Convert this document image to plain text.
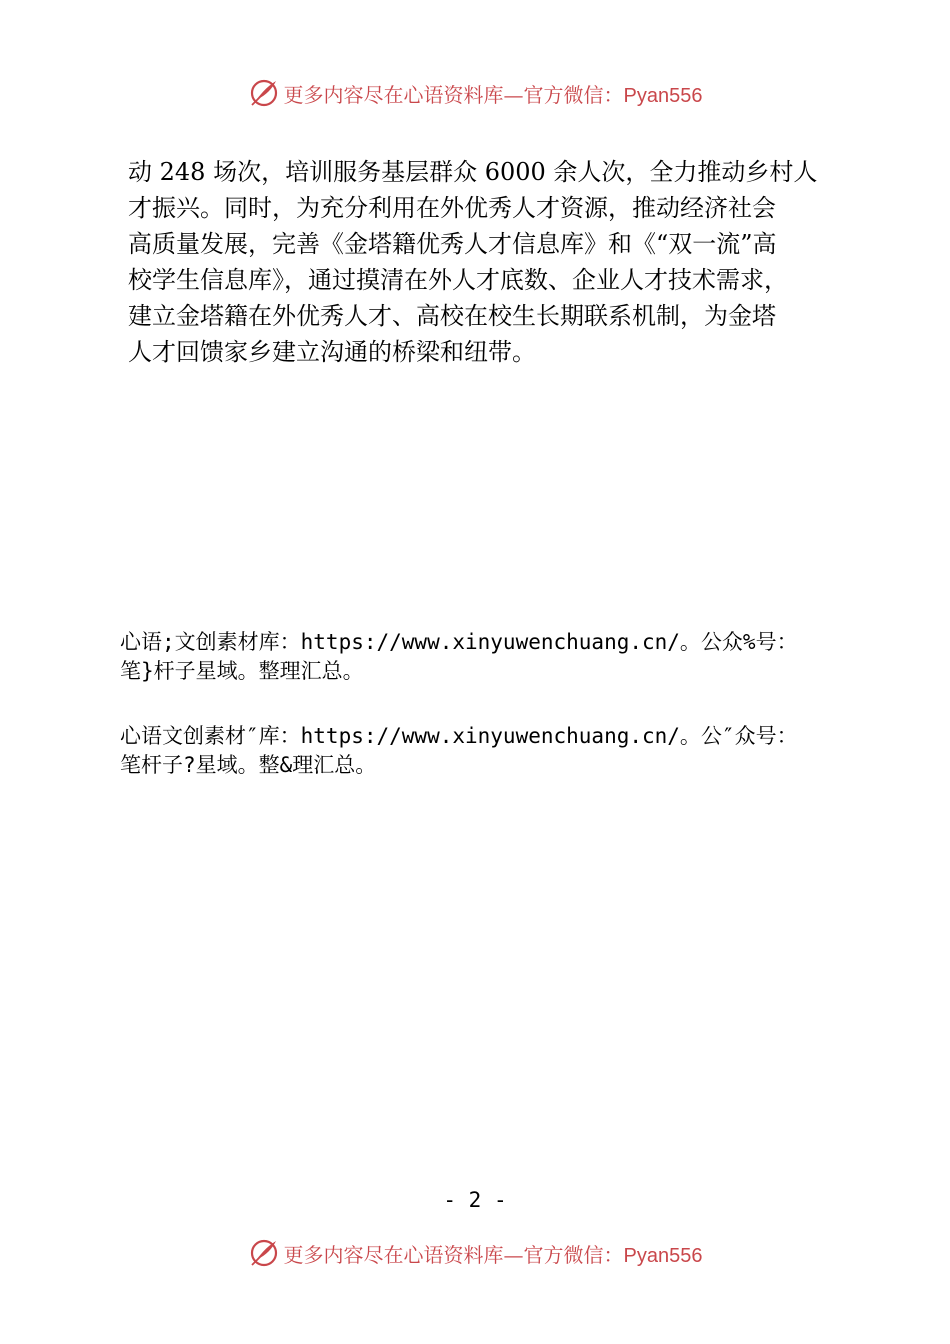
更多内容尽在心语资料库—官方微信：Pyan556

动 248 场次，培训服务基层群众 6000 余人次，全力推动乡村人

才振兴。同时，为充分利用在外优秀人才资源，推动经济社会

高质量发展，完善《金塔籍优秀人才信息库》和《“双一流”高

校学生信息库》，通过摸清在外人才底数、企业人才技术需求，

建立金塔籍在外优秀人才、高校在校生长期联系机制，为金塔

人才回馈家乡建立沟通的桥梁和纽带。

心语;文创素材库：https://www.xinyuwenchuang.cn/。公众%号：

笔}杆子星域。整理汇总。

心语文创素材″库：https://www.xinyuwenchuang.cn/。公″众号：

笔杆子?星域。整&理汇总。

- 2 -
更多内容尽在心语资料库—官方微信：Pyan556
